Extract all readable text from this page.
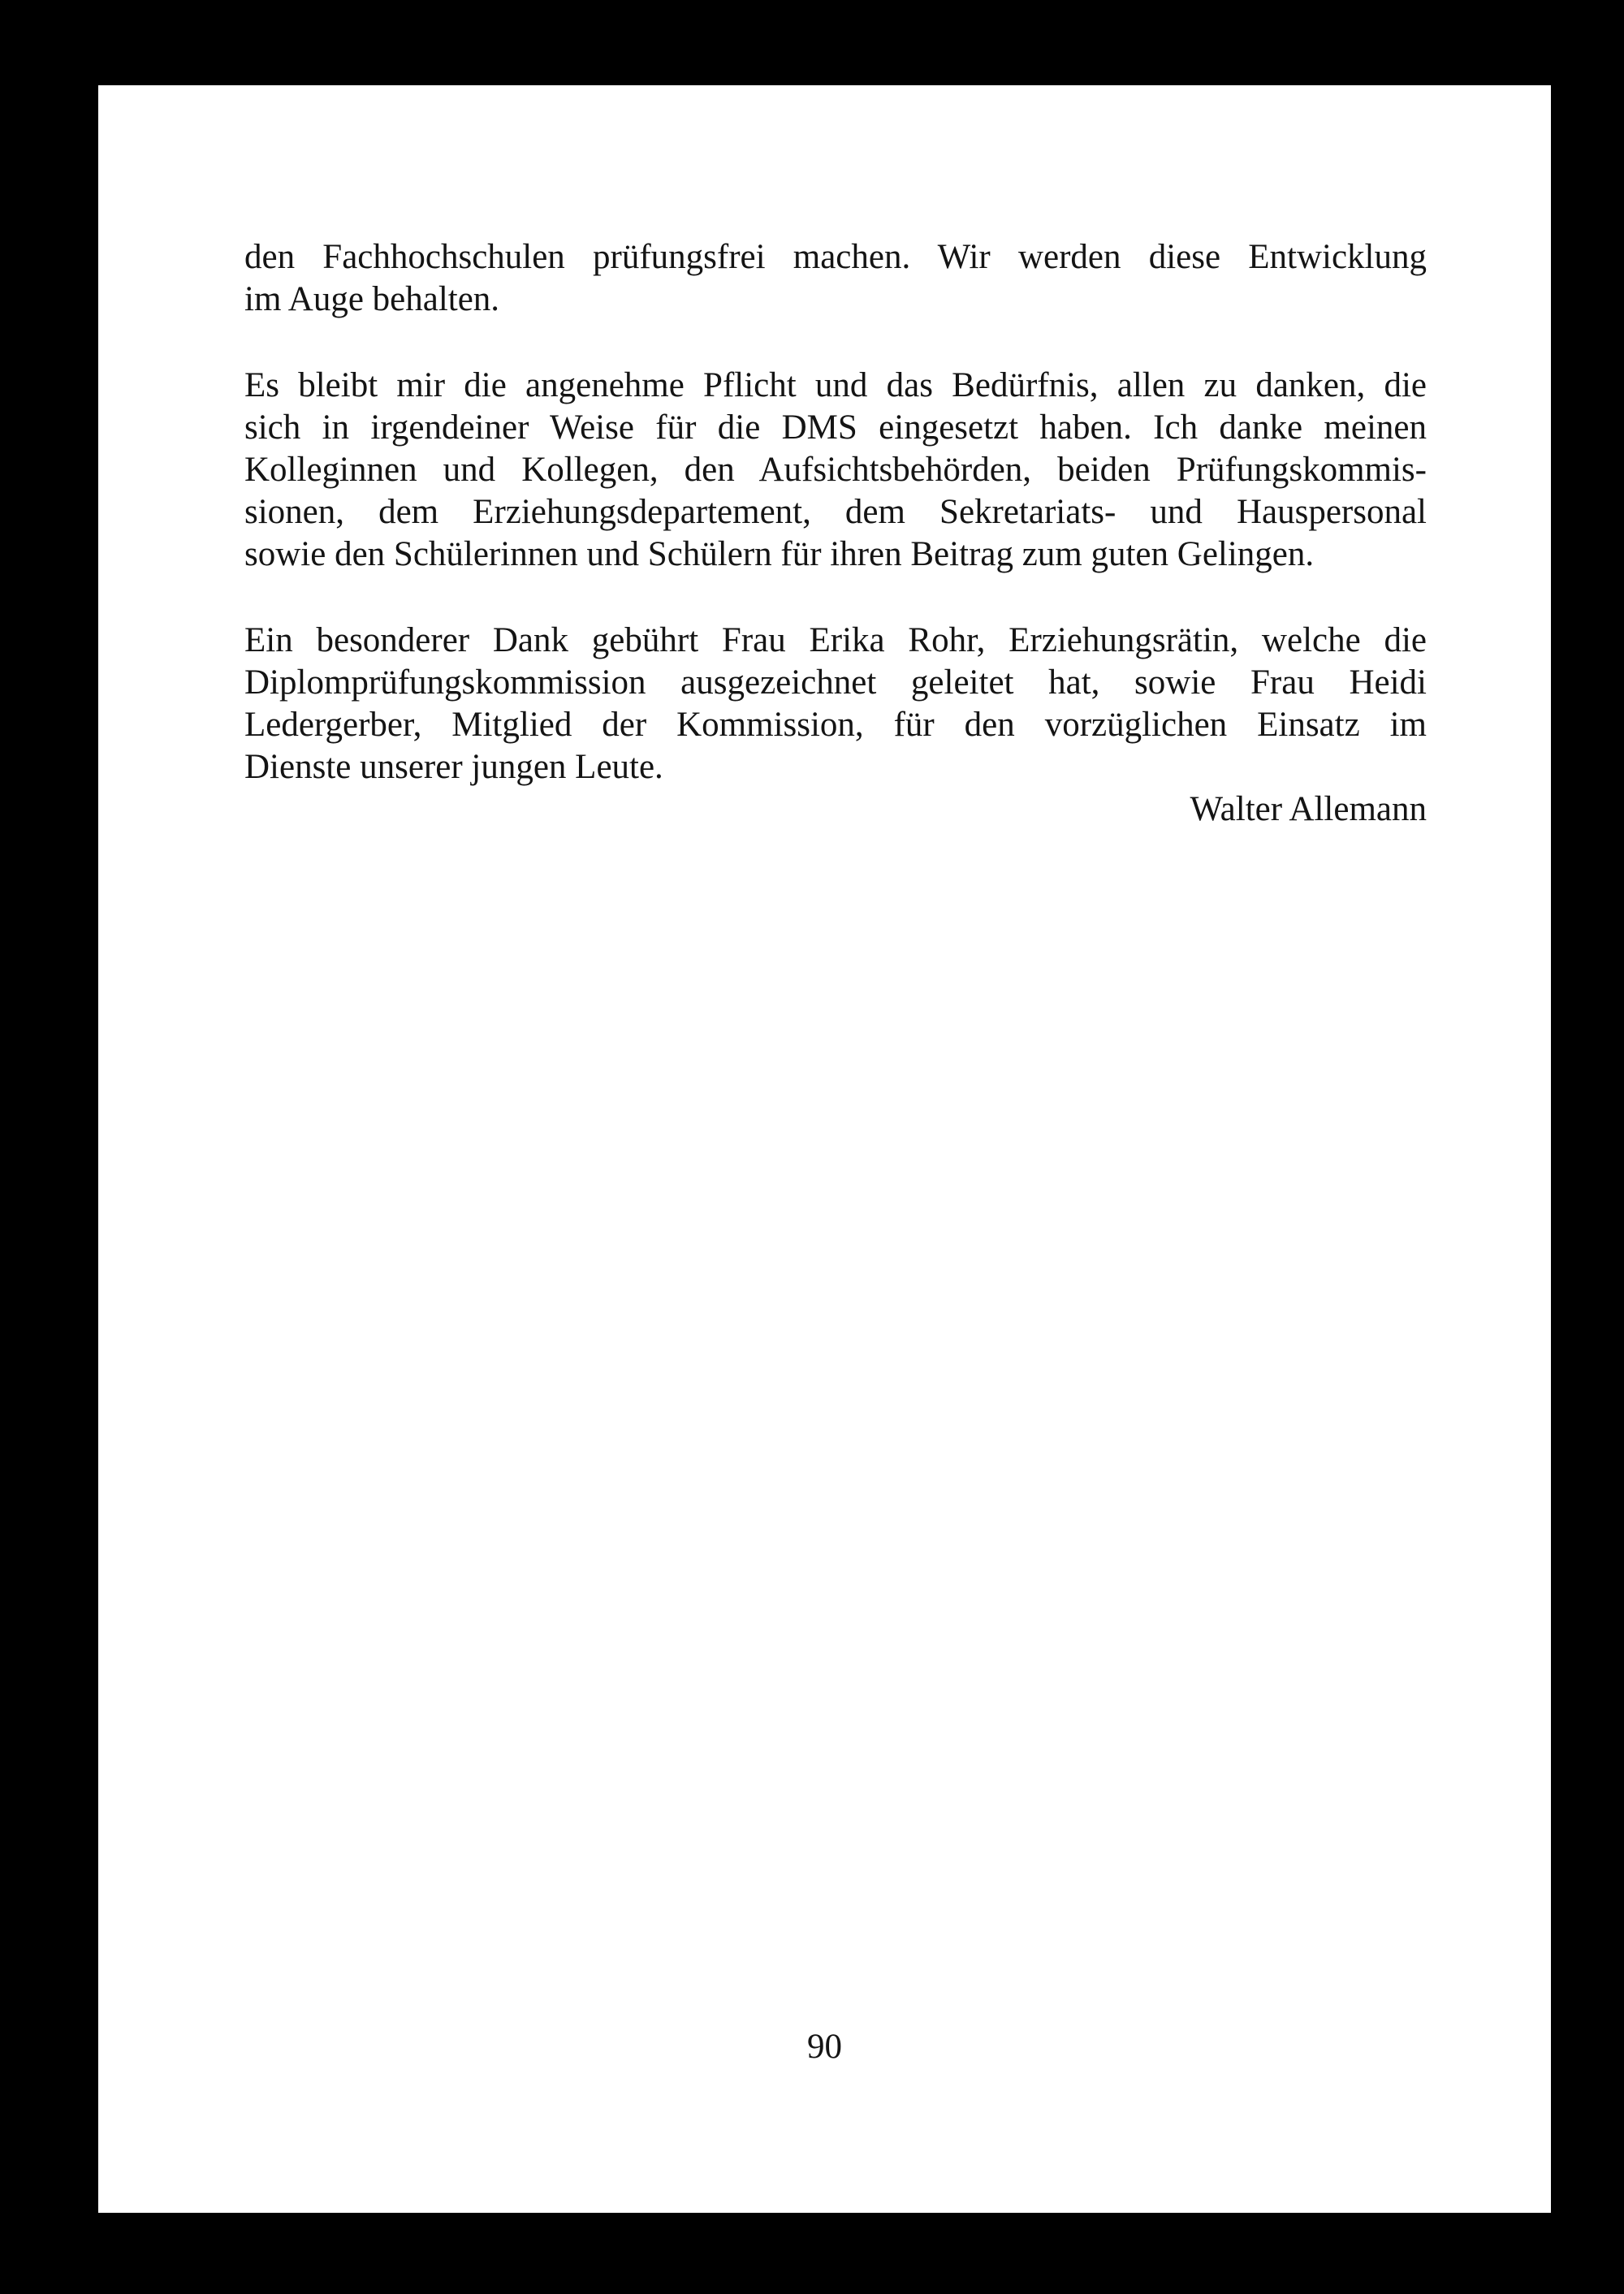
den Fachhochschulen prüfungsfrei machen. Wir werden diese Entwicklung
im Auge behalten.
Es bleibt mir die angenehme Pflicht und das Bedürfnis, allen zu danken, die
sich in irgendeiner Weise für die DMS eingesetzt haben. Ich danke meinen
Kolleginnen und Kollegen, den Aufsichtsbehörden, beiden Prüfungskommis-
sionen, dem Erziehungsdepartement, dem Sekretariats- und Hauspersonal
sowie den Schülerinnen und Schülern für ihren Beitrag zum guten Gelingen.
Ein besonderer Dank gebührt Frau Erika Rohr, Erziehungsrätin, welche die
Diplomprüfungskommission ausgezeichnet geleitet hat, sowie Frau Heidi
Ledergerber, Mitglied der Kommission, für den vorzüglichen Einsatz im
Dienste unserer jungen Leute.
Walter Allemann
90
